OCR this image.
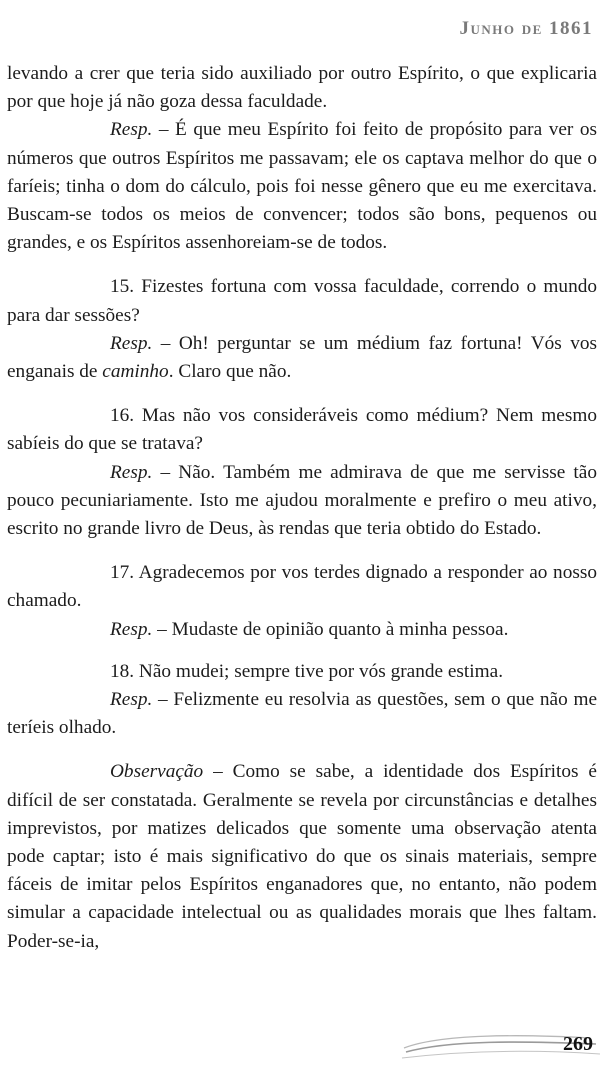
Junho de 1861

levando a crer que teria sido auxiliado por outro Espírito, o que explicaria por que hoje já não goza dessa faculdade.

Resp. – É que meu Espírito foi feito de propósito para ver os números que outros Espíritos me passavam; ele os captava melhor do que o faríeis; tinha o dom do cálculo, pois foi nesse gênero que eu me exercitava. Buscam-se todos os meios de convencer; todos são bons, pequenos ou grandes, e os Espíritos assenhoreiam-se de todos.

15. Fizestes fortuna com vossa faculdade, correndo o mundo para dar sessões?

Resp. – Oh! perguntar se um médium faz fortuna! Vós vos enganais de caminho. Claro que não.

16. Mas não vos consideráveis como médium? Nem mesmo sabíeis do que se tratava?

Resp. – Não. Também me admirava de que me servisse tão pouco pecuniariamente. Isto me ajudou moralmente e prefiro o meu ativo, escrito no grande livro de Deus, às rendas que teria obtido do Estado.

17. Agradecemos por vos terdes dignado a responder ao nosso chamado.

Resp. – Mudaste de opinião quanto à minha pessoa.

18. Não mudei; sempre tive por vós grande estima.

Resp. – Felizmente eu resolvia as questões, sem o que não me teríeis olhado.

Observação – Como se sabe, a identidade dos Espíritos é difícil de ser constatada. Geralmente se revela por circunstâncias e detalhes imprevistos, por matizes delicados que somente uma observação atenta pode captar; isto é mais significativo do que os sinais materiais, sempre fáceis de imitar pelos Espíritos enganadores que, no entanto, não podem simular a capacidade intelectual ou as qualidades morais que lhes faltam. Poder-se-ia,

269
